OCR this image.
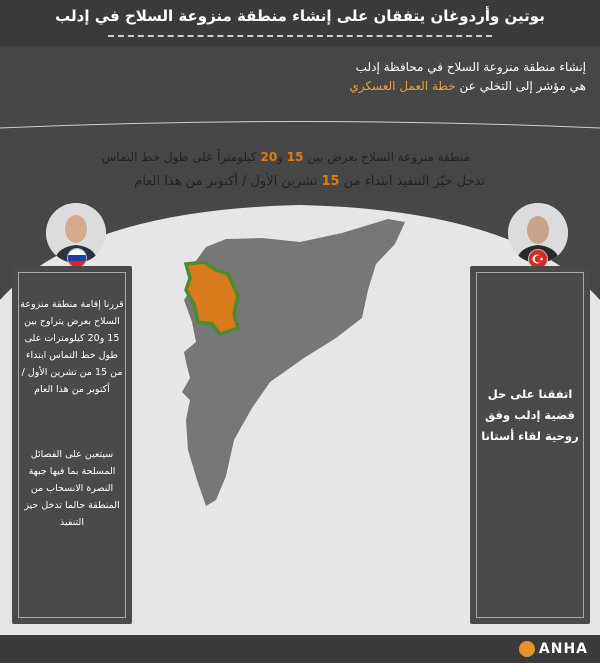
بوتين وأردوغان يتفقان على إنشاء منطقة منزوعة السلاح في إدلب
إنشاء منطقة منزوعة السلاح في محافظة إدلب
هي مؤشر إلى التخلي عن خطة العمل العسكري
منطقة منزوعة السلاح بعرض بين 15 و20 كيلومتراً على طول خط التماس
تدخل حيّز التنفيذ ابتداء من 15 تشرين الأول / أكتوبر من هذا العام
قررنا إقامة منطقة منزوعة السلاح بعرض يتراوح بين 15 و20 كيلومترات على طول خط التماس ابتداء من 15 من تشرين الأول / أكتوبر من هذا العام
سيتعين على الفصائل المسلحة بما فيها جبهة النصرة الانسحاب من المنطقة حالما تدخل حيز التنفيذ
اتفقنا على حل قضية إدلب وفق روحية لقاء أستانا
ANHA
